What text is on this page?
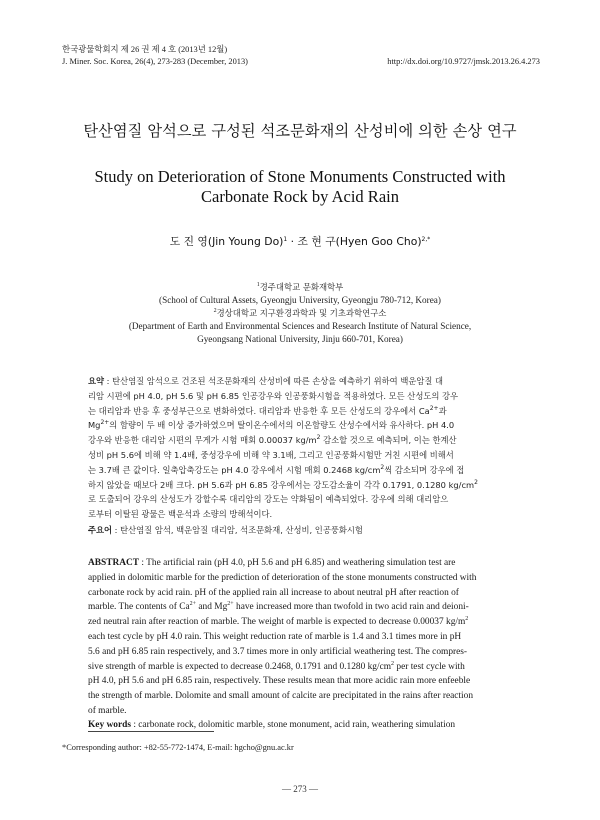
한국광물학회지 제 26 권 제 4 호 (2013년 12월)

J. Miner. Soc. Korea, 26(4), 273-283 (December, 2013)	http://dx.doi.org/10.9727/jmsk.2013.26.4.273

탄산염질 암석으로 구성된 석조문화재의 산성비에 의한 손상 연구

Study on Deterioration of Stone Monuments Constructed with

Carbonate Rock by Acid Rain

도 진 영(Jin Young Do)$^1$ · 조 현 구(Hyen Goo Cho)$^{2,*}$

$^1$경주대학교 문화재학부

(School of Cultural Assets, Gyeongju University, Gyeongju 780-712, Korea)

$^2$경상대학교 지구환경과학과 및 기초과학연구소

(Department of Earth and Environmental Sciences and Research Institute of Natural Science,

Gyeongsang National University, Jinju 660-701, Korea)

요약 : 탄산염질 암석으로 건조된 석조문화재의 산성비에 따른 손상을 예측하기 위하여 백운암질 대
리암 시편에 pH 4.0, pH 5.6 및 pH 6.85 인공강우와 인공풍화시험을 적용하였다. 모든 산성도의 강우
는 대리암과 반응 후 중성부근으로 변화하였다. 대리암과 반응한 후 모든 산성도의 강우에서 $Ca^{2+}$과
$Mg^{2+}$의 함량이 두 배 이상 증가하였으며 탈이온수에서의 이온함량도 산성수에서와 유사하다. pH 4.0
강우와 반응한 대리암 시편의 무게가 시험 매회 0.00037 $kg/m^2$ 감소할 것으로 예측되며, 이는 한계산
성비 pH 5.6에 비해 약 1.4배, 중성강우에 비해 약 3.1배, 그리고 인공풍화시험만 거친 시편에 비해서
는 3.7배 큰 값이다. 일축압축강도는 pH 4.0 강우에서 시험 매회 0.2468 $kg/cm^2$씩 감소되며 강우에 접
하지 않았을 때보다 2배 크다. pH 5.6과 pH 6.85 강우에서는 강도감소율이 각각 0.1791, 0.1280 $kg/cm^2$
로 도출되어 강우의 산성도가 강할수록 대리암의 강도는 약화됨이 예측되었다. 강우에 의해 대리암으
로부터 이탈된 광물은 백운석과 소량의 방해석이다.

주요어 : 탄산염질 암석, 백운암질 대리암, 석조문화재, 산성비, 인공풍화시험

ABSTRACT : The artificial rain (pH 4.0, pH 5.6 and pH 6.85) and weathering simulation test are
applied in dolomitic marble for the prediction of deterioration of the stone monuments constructed with
carbonate rock by acid rain. pH of the applied rain all increase to about neutral pH after reaction of
marble. The contents of $Ca^{2+}$ and $Mg^{2+}$ have increased more than twofold in two acid rain and deioni-
zed neutral rain after reaction of marble. The weight of marble is expected to decrease 0.00037 $kg/m^2$
each test cycle by pH 4.0 rain. This weight reduction rate of marble is 1.4 and 3.1 times more in pH
5.6 and pH 6.85 rain respectively, and 3.7 times more in only artificial weathering test. The compres-
sive strength of marble is expected to decrease 0.2468, 0.1791 and 0.1280 $kg/cm^2$ per test cycle with
pH 4.0, pH 5.6 and pH 6.85 rain, respectively. These results mean that more acidic rain more enfeeble
the strength of marble. Dolomite and small amount of calcite are precipitated in the rains after reaction
of marble.

Key words : carbonate rock, dolomitic marble, stone monument, acid rain, weathering simulation

*Corresponding author: +82-55-772-1474, E-mail: hgcho@gnu.ac.kr

― 273 ―
